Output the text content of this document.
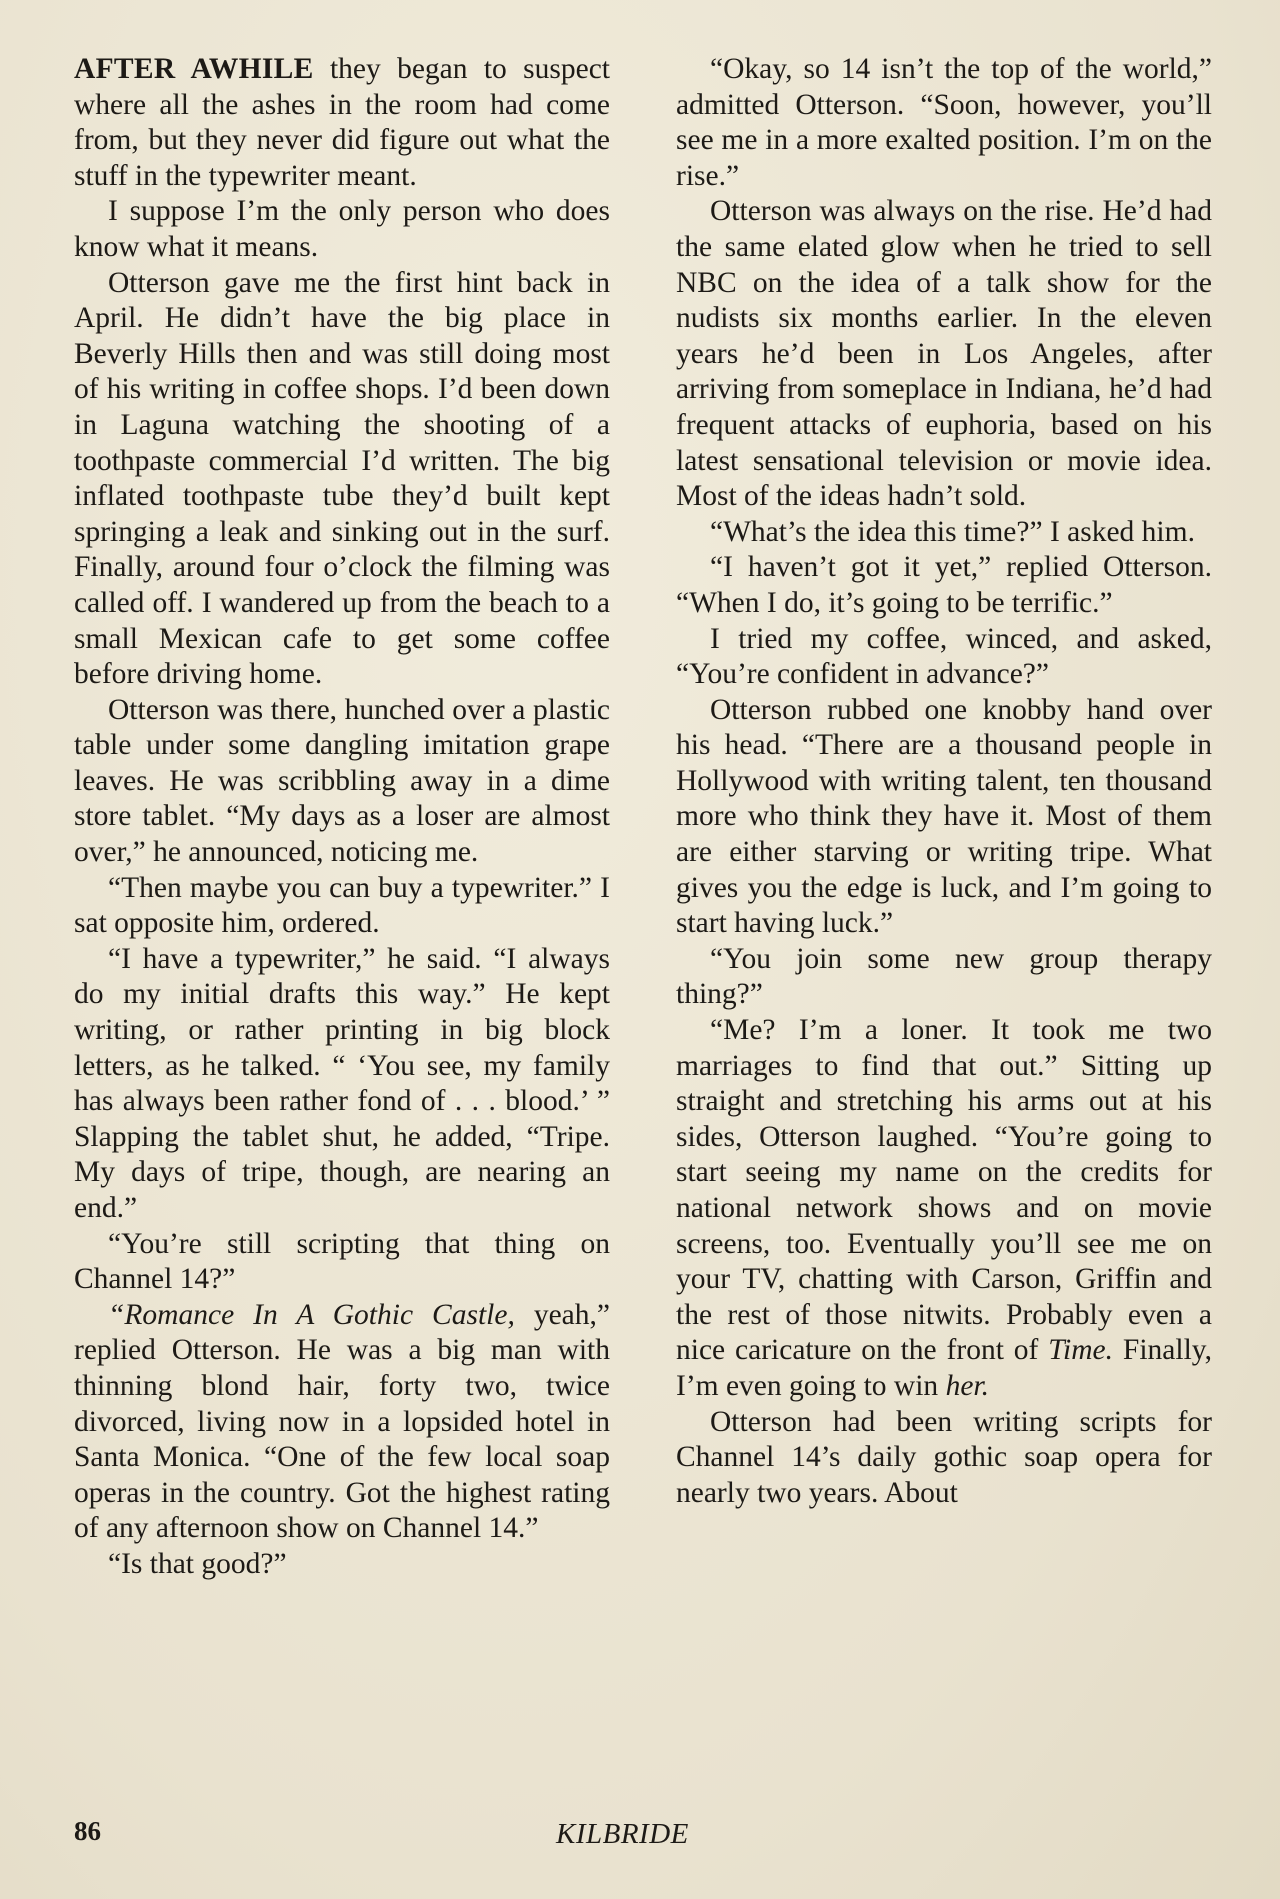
AFTER AWHILE they began to suspect where all the ashes in the room had come from, but they never did figure out what the stuff in the typewriter meant.

I suppose I’m the only person who does know what it means.

Otterson gave me the first hint back in April. He didn’t have the big place in Beverly Hills then and was still doing most of his writing in coffee shops. I’d been down in Laguna watching the shooting of a toothpaste commercial I’d written. The big inflated toothpaste tube they’d built kept springing a leak and sinking out in the surf. Finally, around four o’clock the filming was called off. I wandered up from the beach to a small Mexican cafe to get some coffee before driving home.

Otterson was there, hunched over a plastic table under some dangling imitation grape leaves. He was scribbling away in a dime store tablet. “My days as a loser are almost over,” he announced, noticing me.

“Then maybe you can buy a typewriter.” I sat opposite him, ordered.

“I have a typewriter,” he said. “I always do my initial drafts this way.” He kept writing, or rather printing in big block letters, as he talked. “ ‘You see, my family has always been rather fond of . . . blood.’ ” Slapping the tablet shut, he added, “Tripe. My days of tripe, though, are nearing an end.”

“You’re still scripting that thing on Channel 14?”

“Romance In A Gothic Castle, yeah,” replied Otterson. He was a big man with thinning blond hair, forty two, twice divorced, living now in a lopsided hotel in Santa Monica. “One of the few local soap operas in the country. Got the highest rating of any afternoon show on Channel 14.”

“Is that good?”

“Okay, so 14 isn’t the top of the world,” admitted Otterson. “Soon, however, you’ll see me in a more exalted position. I’m on the rise.”

Otterson was always on the rise. He’d had the same elated glow when he tried to sell NBC on the idea of a talk show for the nudists six months earlier. In the eleven years he’d been in Los Angeles, after arriving from someplace in Indiana, he’d had frequent attacks of euphoria, based on his latest sensational television or movie idea. Most of the ideas hadn’t sold.

“What’s the idea this time?” I asked him.

“I haven’t got it yet,” replied Otterson. “When I do, it’s going to be terrific.”

I tried my coffee, winced, and asked, “You’re confident in advance?”

Otterson rubbed one knobby hand over his head. “There are a thousand people in Hollywood with writing talent, ten thousand more who think they have it. Most of them are either starving or writing tripe. What gives you the edge is luck, and I’m going to start having luck.”

“You join some new group therapy thing?”

“Me? I’m a loner. It took me two marriages to find that out.” Sitting up straight and stretching his arms out at his sides, Otterson laughed. “You’re going to start seeing my name on the credits for national network shows and on movie screens, too. Eventually you’ll see me on your TV, chatting with Carson, Griffin and the rest of those nitwits. Probably even a nice caricature on the front of Time. Finally, I’m even going to win her.

Otterson had been writing scripts for Channel 14’s daily gothic soap opera for nearly two years. About

86	KILBRIDE
